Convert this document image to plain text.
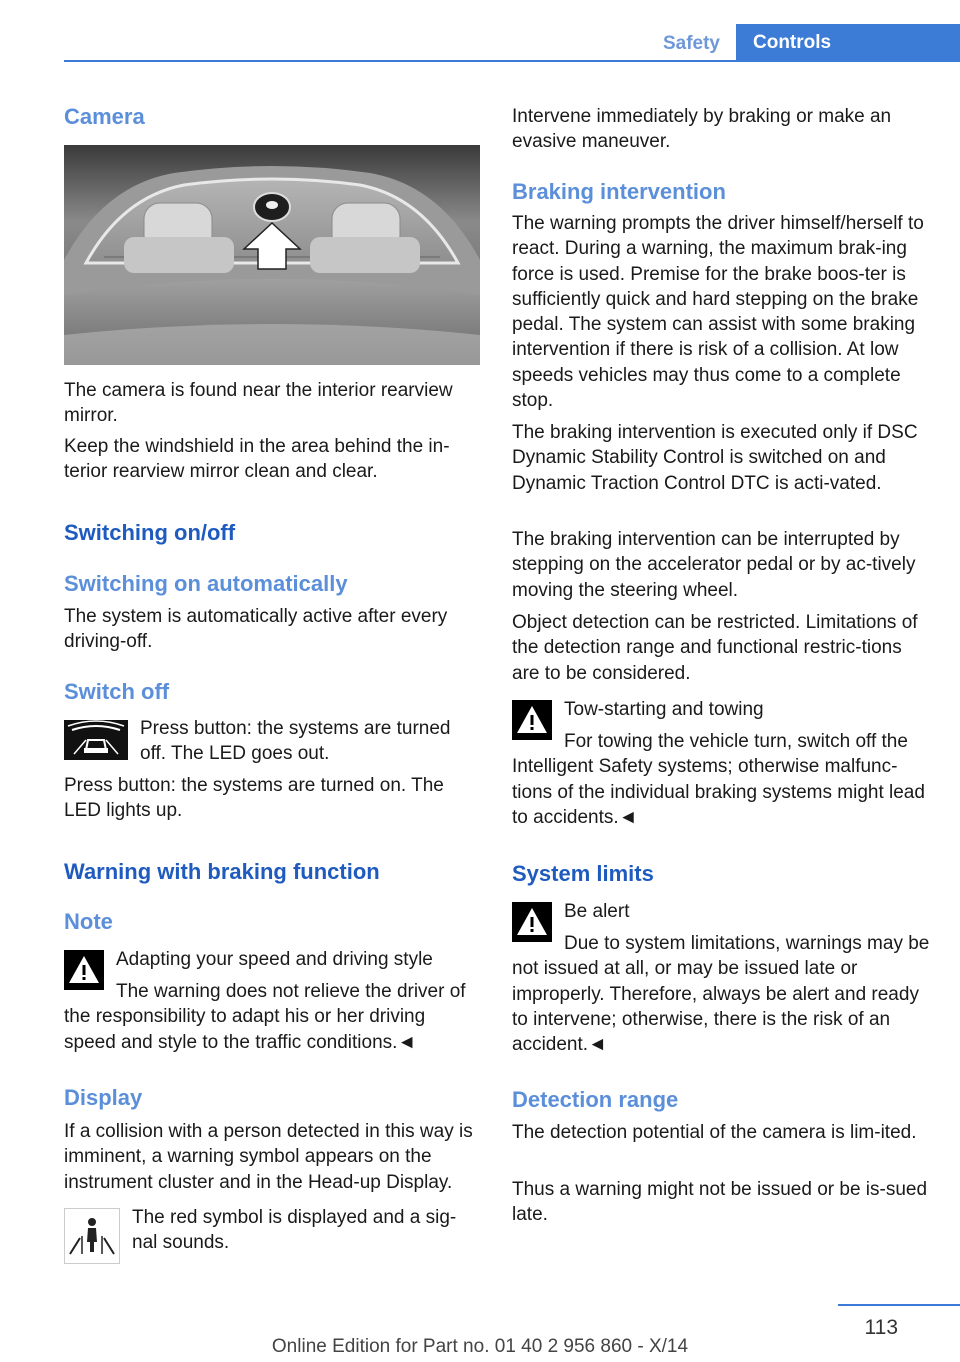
Safety	Controls
Camera

The camera is found near the interior rearview mirror.

Keep the windshield in the area behind the in-terior rearview mirror clean and clear.

Switching on/off
Switching on automatically

The system is automatically active after every driving-off.

Switch off

Press button: the systems are turned off. The LED goes out.

Press button: the systems are turned on. The LED lights up.

Warning with braking function
Note

Adapting your speed and driving style

The warning does not relieve the driver of the responsibility to adapt his or her driving speed and style to the traffic conditions.◄

Display

If a collision with a person detected in this way is imminent, a warning symbol appears on the instrument cluster and in the Head-up Display.

The red symbol is displayed and a sig-nal sounds.

Intervene immediately by braking or make an evasive maneuver.

Braking intervention

The warning prompts the driver himself/herself to react. During a warning, the maximum brak-ing force is used. Premise for the brake boos-ter is sufficiently quick and hard stepping on the brake pedal. The system can assist with some braking intervention if there is risk of a collision. At low speeds vehicles may thus come to a complete stop.

The braking intervention is executed only if DSC Dynamic Stability Control is switched on and Dynamic Traction Control DTC is acti-vated.

The braking intervention can be interrupted by stepping on the accelerator pedal or by ac-tively moving the steering wheel.

Object detection can be restricted. Limitations of the detection range and functional restric-tions are to be considered.

Tow-starting and towing

For towing the vehicle turn, switch off the Intelligent Safety systems; otherwise malfunc-tions of the individual braking systems might lead to accidents.◄

System limits

Be alert

Due to system limitations, warnings may be not issued at all, or may be issued late or improperly. Therefore, always be alert and ready to intervene; otherwise, there is the risk of an accident.◄

Detection range

The detection potential of the camera is lim-ited.

Thus a warning might not be issued or be is-sued late.

113
Online Edition for Part no. 01 40 2 956 860 - X/14
